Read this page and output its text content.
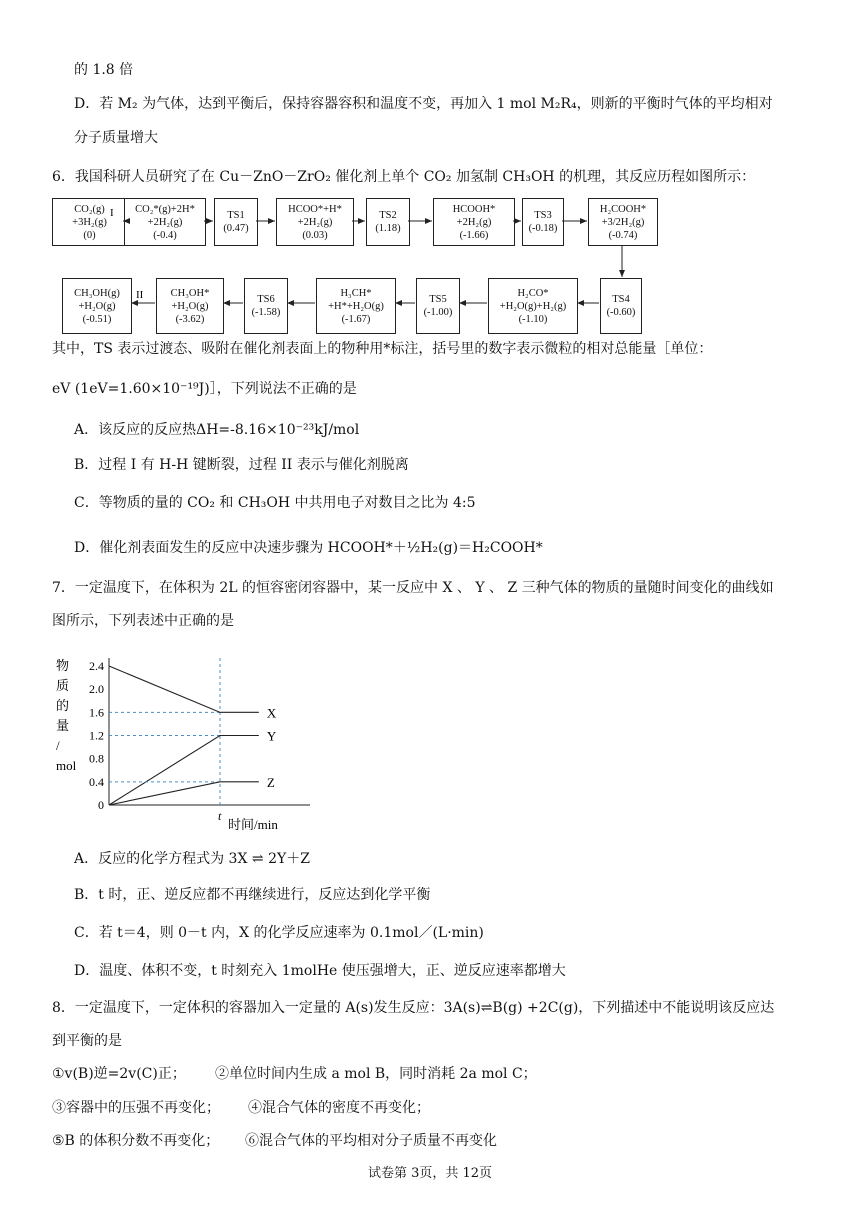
的 1.8 倍
D．若 M₂ 为气体，达到平衡后，保持容器容积和温度不变，再加入 1 mol M₂R₄，则新的平衡时气体的平均相对
分子质量增大
6．我国科研人员研究了在 Cu－ZnO－ZrO₂ 催化剂上单个 CO₂ 加氢制 CH₃OH 的机理，其反应历程如图所示：
CO₂(g)
+3H₂(g)
(0)
CO₂*(g)+2H*
+2H₂(g)
(-0.4)
TS1
(0.47)
HCOO*+H*
+2H₂(g)
(0.03)
TS2
(1.18)
HCOOH*
+2H₂(g)
(-1.66)
TS3
(-0.18)
H₂COOH*
+3/2H₂(g)
(-0.74)
CH₃OH(g)
+H₂O(g)
(-0.51)
CH₃OH*
+H₂O(g)
(-3.62)
TS6
(-1.58)
H₃CH*
+H*+H₂O(g)
(-1.67)
TS5
(-1.00)
H₂CO*
+H₂O(g)+H₂(g)
(-1.10)
TS4
(-0.60)
I
II
其中，TS 表示过渡态、吸附在催化剂表面上的物种用*标注，括号里的数字表示微粒的相对总能量［单位：
eV (1eV=1.60×10⁻¹⁹J)］，下列说法不正确的是
A．该反应的反应热ΔH=-8.16×10⁻²³kJ/mol
B．过程 I 有 H-H 键断裂，过程 II 表示与催化剂脱离
C．等物质的量的 CO₂ 和 CH₃OH 中共用电子对数目之比为 4:5
D．催化剂表面发生的反应中决速步骤为 HCOOH*＋½H₂(g)＝H₂COOH*
7．一定温度下，在体积为 2L 的恒容密闭容器中，某一反应中 X 、 Y 、 Z 三种气体的物质的量随时间变化的曲线如
图所示，下列表述中正确的是
2.4
2.0
1.6
1.2
0.8
0.4
0
物
质
的
量
/
mol
X
Y
Z
t
时间/min
A．反应的化学方程式为 3X ⇌ 2Y＋Z
B．t 时，正、逆反应都不再继续进行，反应达到化学平衡
C．若 t＝4，则 0－t 内，X 的化学反应速率为 0.1mol／(L·min)
D．温度、体积不变，t 时刻充入 1molHe 使压强增大，正、逆反应速率都增大
8．一定温度下，一定体积的容器加入一定量的 A(s)发生反应：3A(s)⇌B(g) +2C(g)，下列描述中不能说明该反应达
到平衡的是
①v(B)逆=2v(C)正； ②单位时间内生成 a mol B，同时消耗 2a mol C；
③容器中的压强不再变化； ④混合气体的密度不再变化；
⑤B 的体积分数不再变化； ⑥混合气体的平均相对分子质量不再变化
试卷第 3页，共 12页
